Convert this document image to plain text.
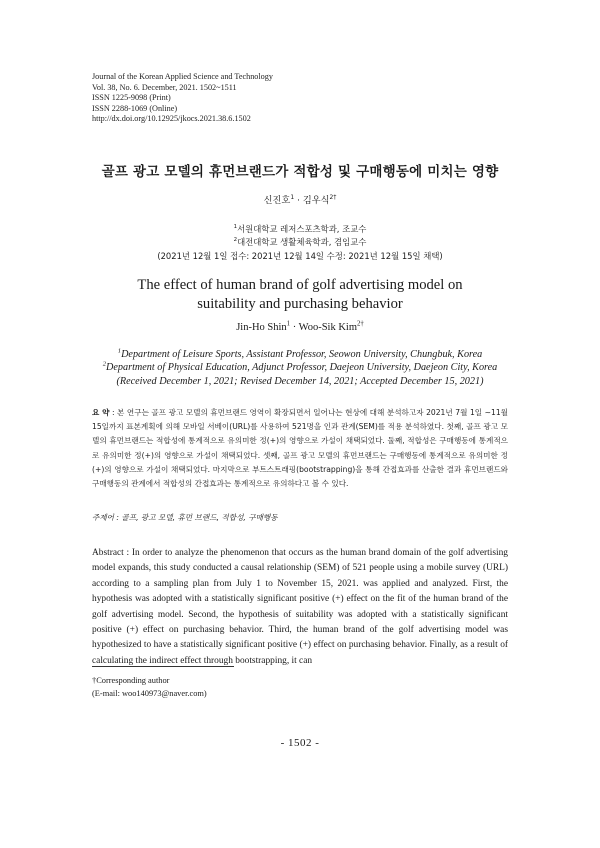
Journal of the Korean Applied Science and Technology
Vol. 38, No. 6. December, 2021. 1502~1511
ISSN 1225-9098 (Print)
ISSN 2288-1069 (Online)
http://dx.doi.org/10.12925/jkocs.2021.38.6.1502
골프 광고 모델의 휴먼브랜드가 적합성 및 구매행동에 미치는 영향
신진호$^1$ · 김우식$^{2\dagger}$
$^1$서원대학교 레저스포츠학과, 조교수
$^2$대전대학교 생활체육학과, 겸임교수
(2021년 12월 1일 접수: 2021년 12월 14일 수정: 2021년 12월 15일 채택)
The effect of human brand of golf advertising model on
suitability and purchasing behavior
Jin-Ho Shin$^1$ · Woo-Sik Kim$^{2\dagger}$
$^1$Department of Leisure Sports, Assistant Professor, Seowon University, Chungbuk, Korea
$^2$Department of Physical Education, Adjunct Professor, Daejeon University, Daejeon City, Korea
(Received December 1, 2021; Revised December 14, 2021; Accepted December 15, 2021)
요 약 : 본 연구는 골프 광고 모델의 휴먼브랜드 영역이 확장되면서 일어나는 현상에 대해 분석하고자 2021년 7월 1일 ~11월 15일까지 표본계획에 의해 모바일 서베이(URL)를 사용하여 521명을 인과 관계(SEM)를 적용 분석하였다. 첫째, 골프 광고 모델의 휴먼브랜드는 적합성에 통계적으로 유의미한 정(+)의 영향으로 가설이 채택되었다. 둘째, 적합성은 구매행동에 통계적으로 유의미한 정(+)의 영향으로 가설이 채택되었다. 셋째, 골프 광고 모델의 휴먼브랜드는 구매행동에 통계적으로 유의미한 정(+)의 영향으로 가설이 채택되었다. 마지막으로 부트스트래핑(bootstrapping)을 통해 간접효과를 산출한 결과 휴먼브랜드와 구매행동의 관계에서 적합성의 간접효과는 통계적으로 유의하다고 볼 수 있다.
주제어 : 골프, 광고 모델, 휴먼 브랜드, 적합성, 구매행동
Abstract : In order to analyze the phenomenon that occurs as the human brand domain of the golf advertising model expands, this study conducted a causal relationship (SEM) of 521 people using a mobile survey (URL) according to a sampling plan from July 1 to November 15, 2021. was applied and analyzed. First, the hypothesis was adopted with a statistically significant positive (+) effect on the fit of the human brand of the golf advertising model. Second, the hypothesis of suitability was adopted with a statistically significant positive (+) effect on purchasing behavior. Third, the human brand of the golf advertising model was hypothesized to have a statistically significant positive (+) effect on purchasing behavior. Finally, as a result of calculating the indirect effect through bootstrapping, it can
†Corresponding author
(E-mail: woo140973@naver.com)
- 1502 -
